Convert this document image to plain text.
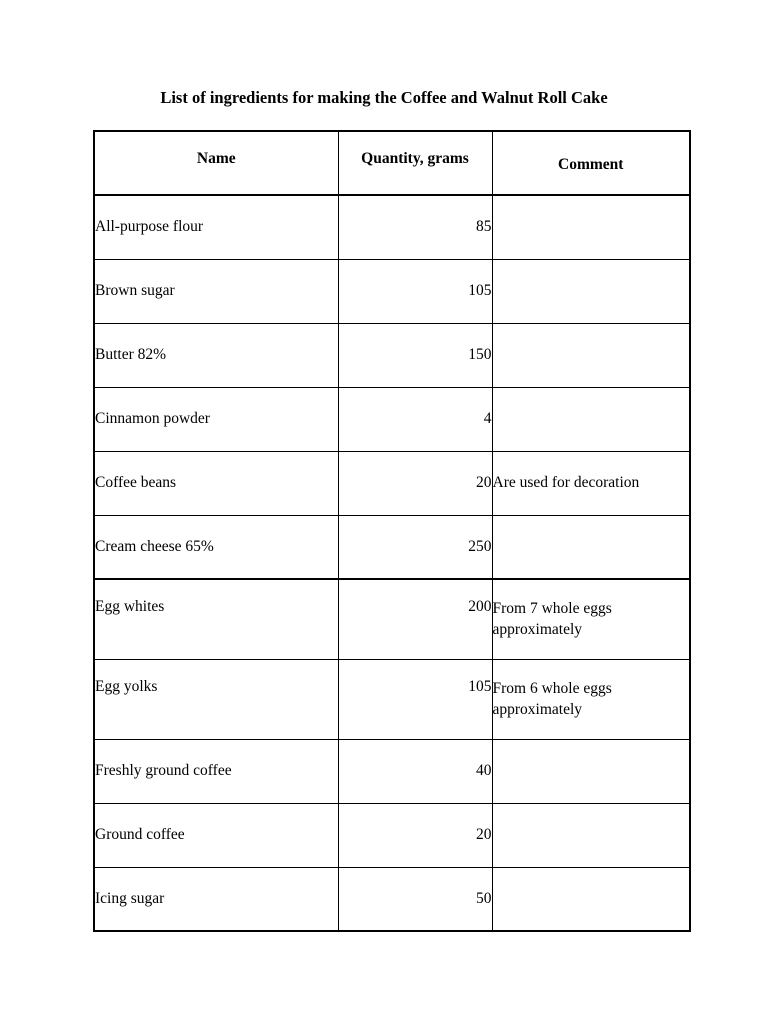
List of ingredients for making the Coffee and Walnut Roll Cake
Name	Quantity, grams	Comment
All-purpose flour	85	
Brown sugar	105	
Butter 82%	150	
Cinnamon powder	4	
Coffee beans	20	Are used for decoration
Cream cheese 65%	250	
Egg whites	200	From 7 whole eggs approximately
Egg yolks	105	From 6 whole eggs approximately
Freshly ground coffee	40	
Ground coffee	20	
Icing sugar	50	
